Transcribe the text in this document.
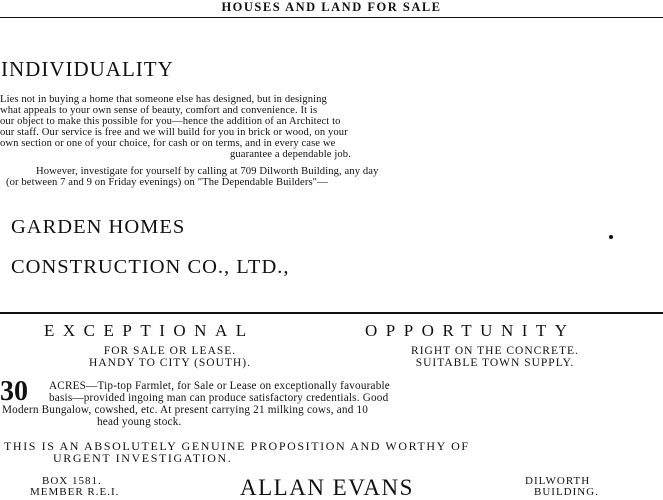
HOUSES AND LAND FOR SALE
INDIVIDUALITY
Lies not in buying a home that someone else has designed, but in designing
what appeals to your own sense of beauty, comfort and convenience. It is
our object to make this possible for you—hence the addition of an Architect to
our staff. Our service is free and we will build for you in brick or wood, on your
own section or one of your choice, for cash or on terms, and in every case we
guarantee a dependable job.
However, investigate for yourself by calling at 709 Dilworth Building, any day
(or between 7 and 9 on Friday evenings) on "The Dependable Builders"—
GARDEN HOMES
CONSTRUCTION CO., LTD.,
EXCEPTIONAL	OPPORTUNITY
FOR SALE OR LEASE.
HANDY TO CITY (SOUTH).
RIGHT ON THE CONCRETE.
SUITABLE TOWN SUPPLY.
30 ACRES—Tip-top Farmlet, for Sale or Lease on exceptionally favourable
basis—provided ingoing man can produce satisfactory credentials. Good
Modern Bungalow, cowshed, etc. At present carrying 21 milking cows, and 10
head young stock.
THIS IS AN ABSOLUTELY GENUINE PROPOSITION AND WORTHY OF
URGENT INVESTIGATION.
BOX 1581.
MEMBER R.E.I.	ALLAN EVANS	DILWORTH
BUILDING.
